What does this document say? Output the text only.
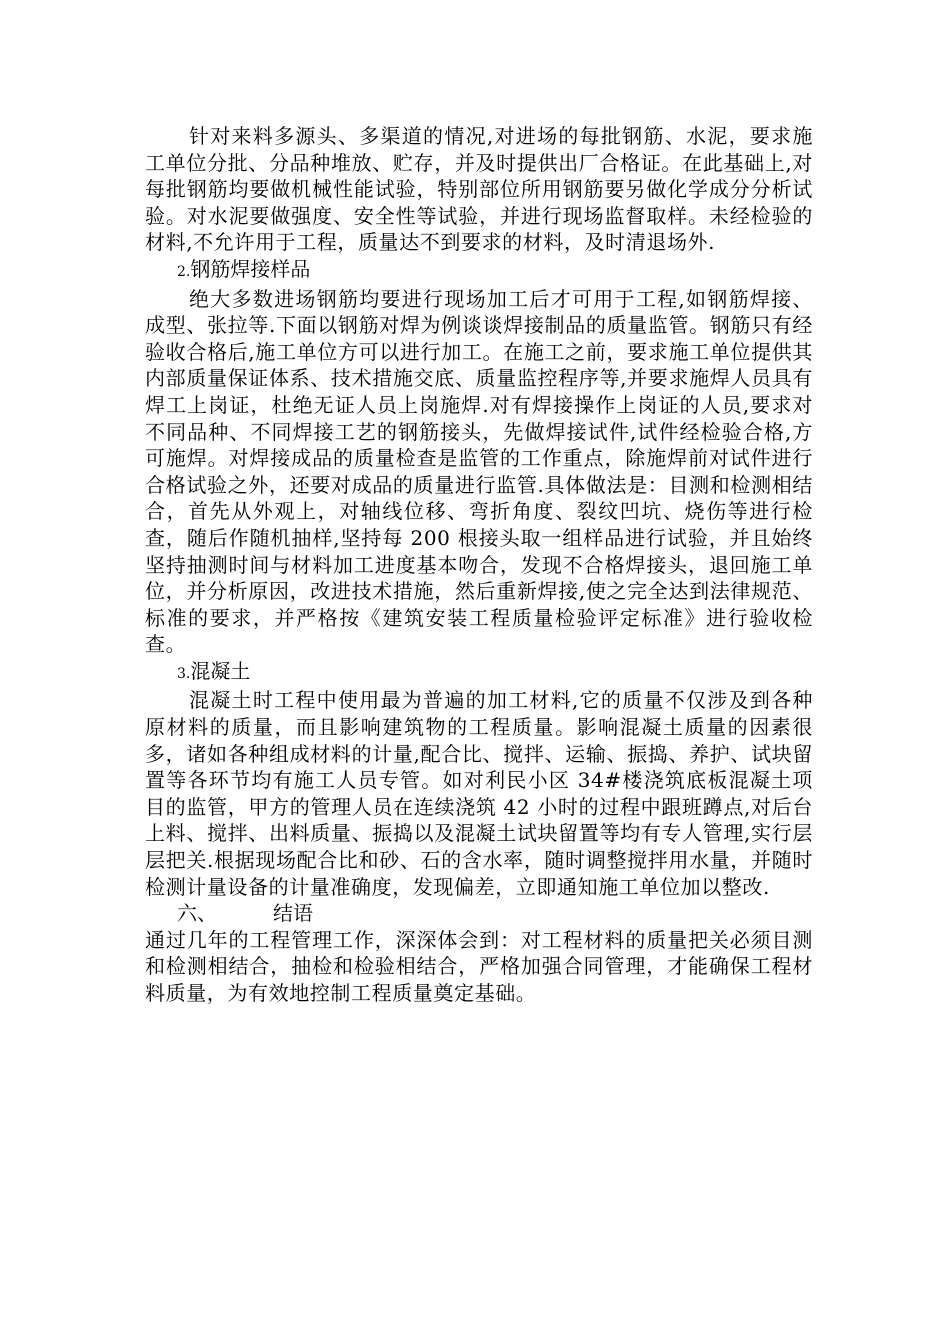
针对来料多源头、多渠道的情况,对进场的每批钢筋、水泥，要求施工单位分批、分品种堆放、贮存，并及时提供出厂合格证。在此基础上,对每批钢筋均要做机械性能试验，特别部位所用钢筋要另做化学成分分析试验。对水泥要做强度、安全性等试验，并进行现场监督取样。未经检验的材料,不允许用于工程，质量达不到要求的材料，及时清退场外.

2.钢筋焊接样品

绝大多数进场钢筋均要进行现场加工后才可用于工程,如钢筋焊接、成型、张拉等.下面以钢筋对焊为例谈谈焊接制品的质量监管。钢筋只有经验收合格后,施工单位方可以进行加工。在施工之前，要求施工单位提供其内部质量保证体系、技术措施交底、质量监控程序等,并要求施焊人员具有焊工上岗证，杜绝无证人员上岗施焊.对有焊接操作上岗证的人员,要求对不同品种、不同焊接工艺的钢筋接头，先做焊接试件,试件经检验合格,方可施焊。对焊接成品的质量检查是监管的工作重点，除施焊前对试件进行合格试验之外，还要对成品的质量进行监管.具体做法是：目测和检测相结合，首先从外观上，对轴线位移、弯折角度、裂纹凹坑、烧伤等进行检查，随后作随机抽样,坚持每 200 根接头取一组样品进行试验，并且始终坚持抽测时间与材料加工进度基本吻合，发现不合格焊接头，退回施工单位，并分析原因，改进技术措施，然后重新焊接,使之完全达到法律规范、标准的要求，并严格按《建筑安装工程质量检验评定标准》进行验收检查。

3.混凝土

混凝土时工程中使用最为普遍的加工材料,它的质量不仅涉及到各种原材料的质量，而且影响建筑物的工程质量。影响混凝土质量的因素很多，诸如各种组成材料的计量,配合比、搅拌、运输、振捣、养护、试块留置等各环节均有施工人员专管。如对利民小区 34#楼浇筑底板混凝土项目的监管，甲方的管理人员在连续浇筑 42 小时的过程中跟班蹲点,对后台上料、搅拌、出料质量、振捣以及混凝土试块留置等均有专人管理,实行层层把关.根据现场配合比和砂、石的含水率，随时调整搅拌用水量，并随时检测计量设备的计量准确度，发现偏差，立即通知施工单位加以整改.

六、	结语

通过几年的工程管理工作，深深体会到：对工程材料的质量把关必须目测和检测相结合，抽检和检验相结合，严格加强合同管理，才能确保工程材料质量，为有效地控制工程质量奠定基础。
